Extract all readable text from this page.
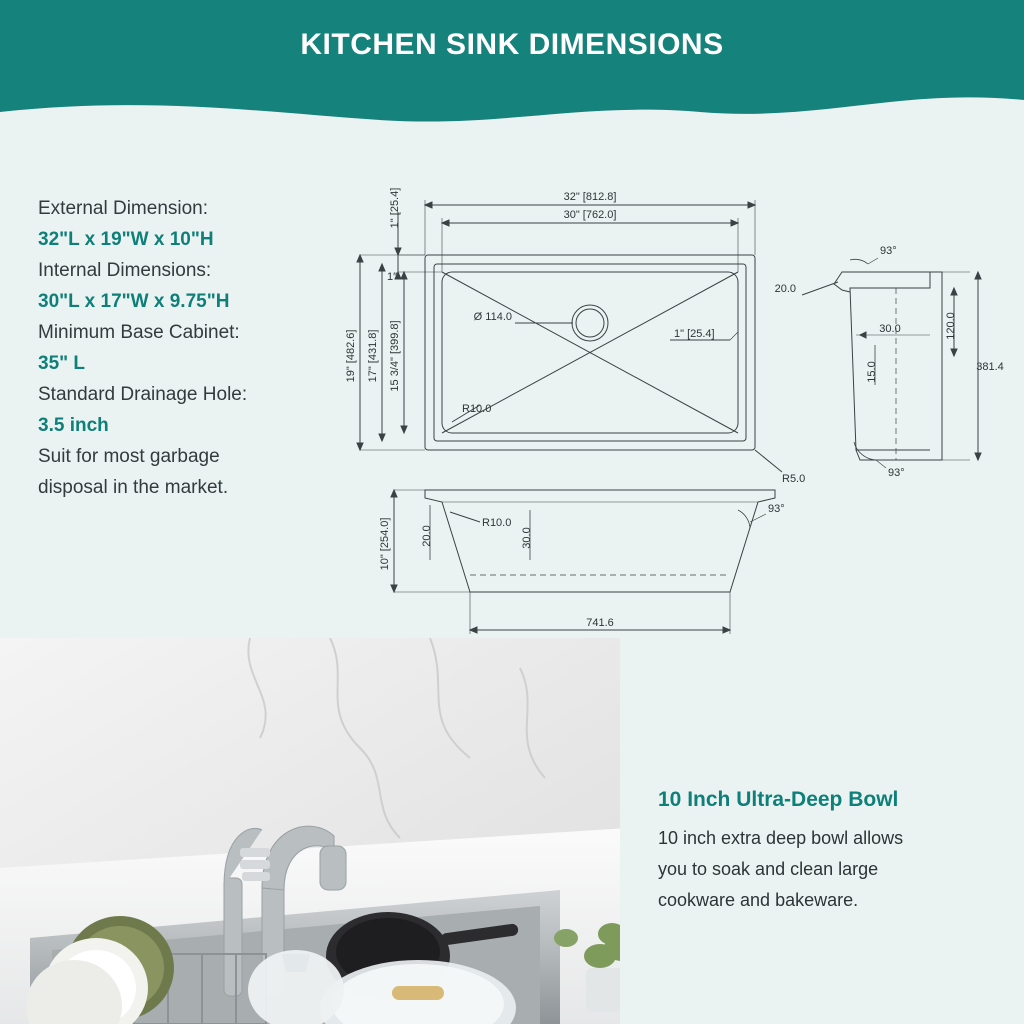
KITCHEN SINK DIMENSIONS
External Dimension:
32"L x 19"W x 10"H
Internal Dimensions:
30"L x 17"W x 9.75"H
Minimum Base Cabinet:
35" L
Standard Drainage Hole:
3.5 inch
Suit for most garbage
disposal in the market.
32" [812.8]
30" [762.0]
1" [25.4]
1″
19" [482.6] 17" [431.8] 15 3/4" [399.8]
Ø 114.0
1" [25.4]
R10.0
R5.0
93°
20.0
30.0
15.0
120.0
381.4
93°
10" [254.0]	20.0
R10.0
30.0
93°
741.6
10 Inch Ultra-Deep Bowl
10 inch extra deep bowl allows
you to soak and clean large
cookware and bakeware.
